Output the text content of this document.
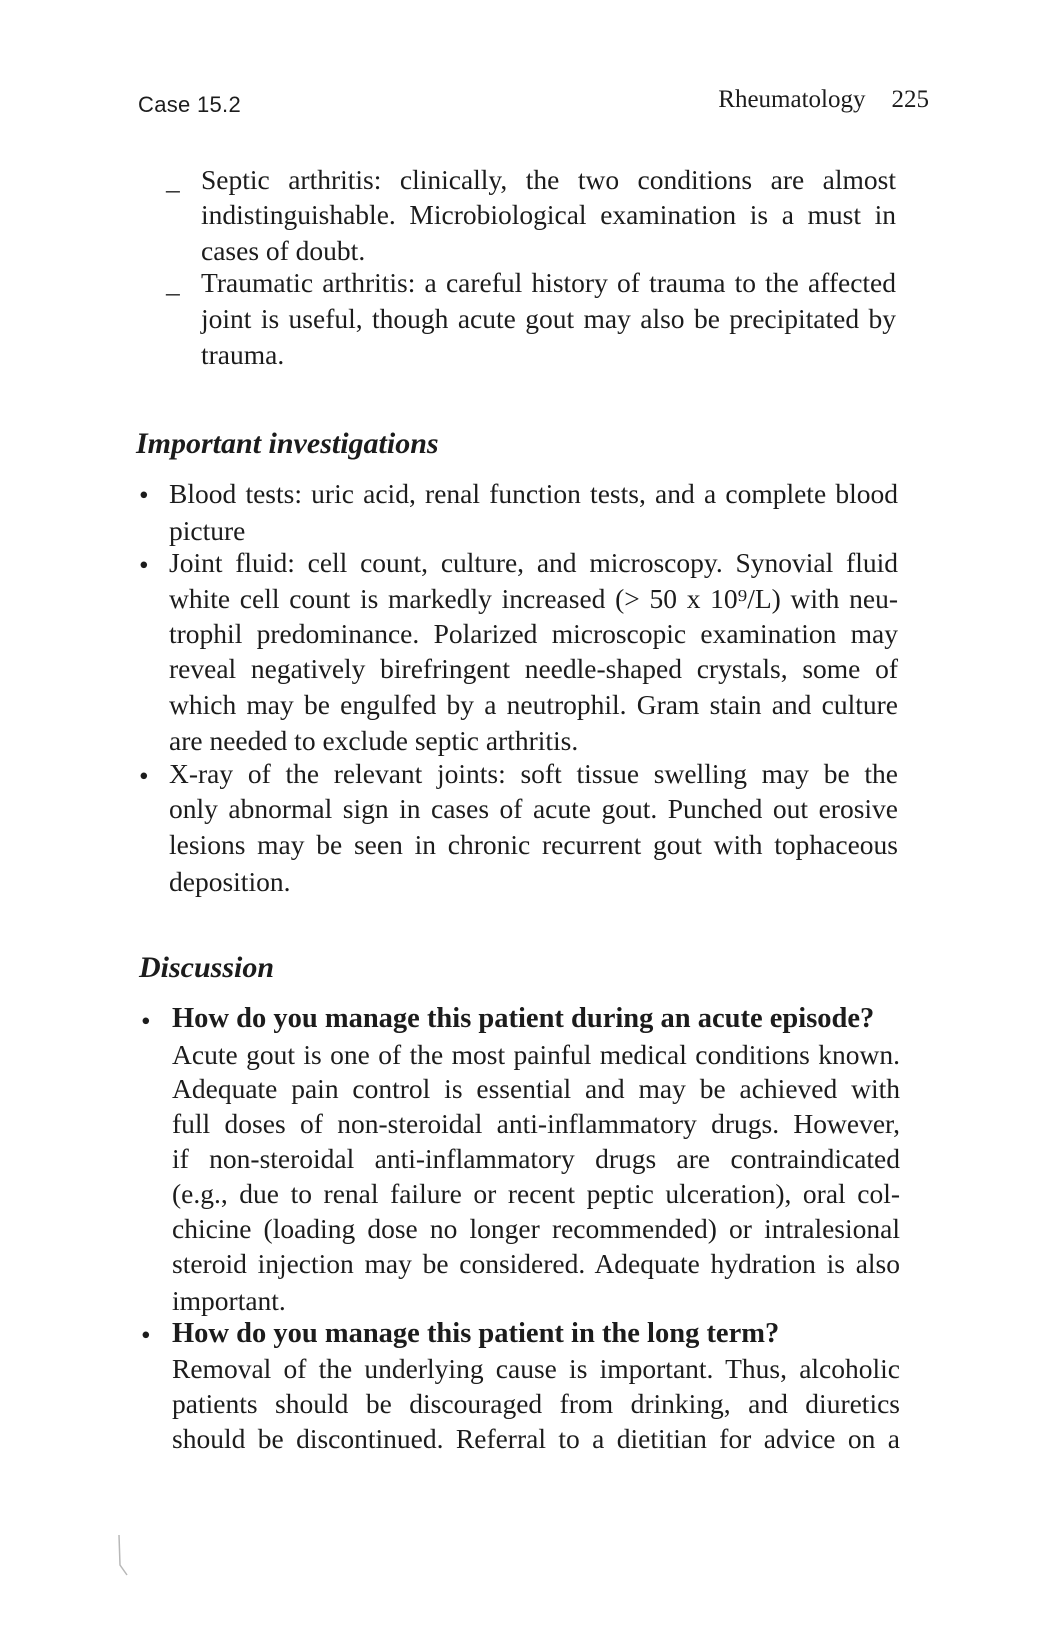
Case 15.2	Rheumatology 225
– Septic arthritis: clinically, the two conditions are almost
indistinguishable. Microbiological examination is a must in
cases of doubt.
– Traumatic arthritis: a careful history of trauma to the affected
joint is useful, though acute gout may also be precipitated by
trauma.
Important investigations
• Blood tests: uric acid, renal function tests, and a complete blood
picture
• Joint fluid: cell count, culture, and microscopy. Synovial fluid
white cell count is markedly increased (> 50 x 10⁹/L) with neu-
trophil predominance. Polarized microscopic examination may
reveal negatively birefringent needle-shaped crystals, some of
which may be engulfed by a neutrophil. Gram stain and culture
are needed to exclude septic arthritis.
• X-ray of the relevant joints: soft tissue swelling may be the
only abnormal sign in cases of acute gout. Punched out erosive
lesions may be seen in chronic recurrent gout with tophaceous
deposition.
Discussion
• How do you manage this patient during an acute episode?
Acute gout is one of the most painful medical conditions known.
Adequate pain control is essential and may be achieved with
full doses of non-steroidal anti-inflammatory drugs. However,
if non-steroidal anti-inflammatory drugs are contraindicated
(e.g., due to renal failure or recent peptic ulceration), oral col-
chicine (loading dose no longer recommended) or intralesional
steroid injection may be considered. Adequate hydration is also
important.
• How do you manage this patient in the long term?
Removal of the underlying cause is important. Thus, alcoholic
patients should be discouraged from drinking, and diuretics
should be discontinued. Referral to a dietitian for advice on a
